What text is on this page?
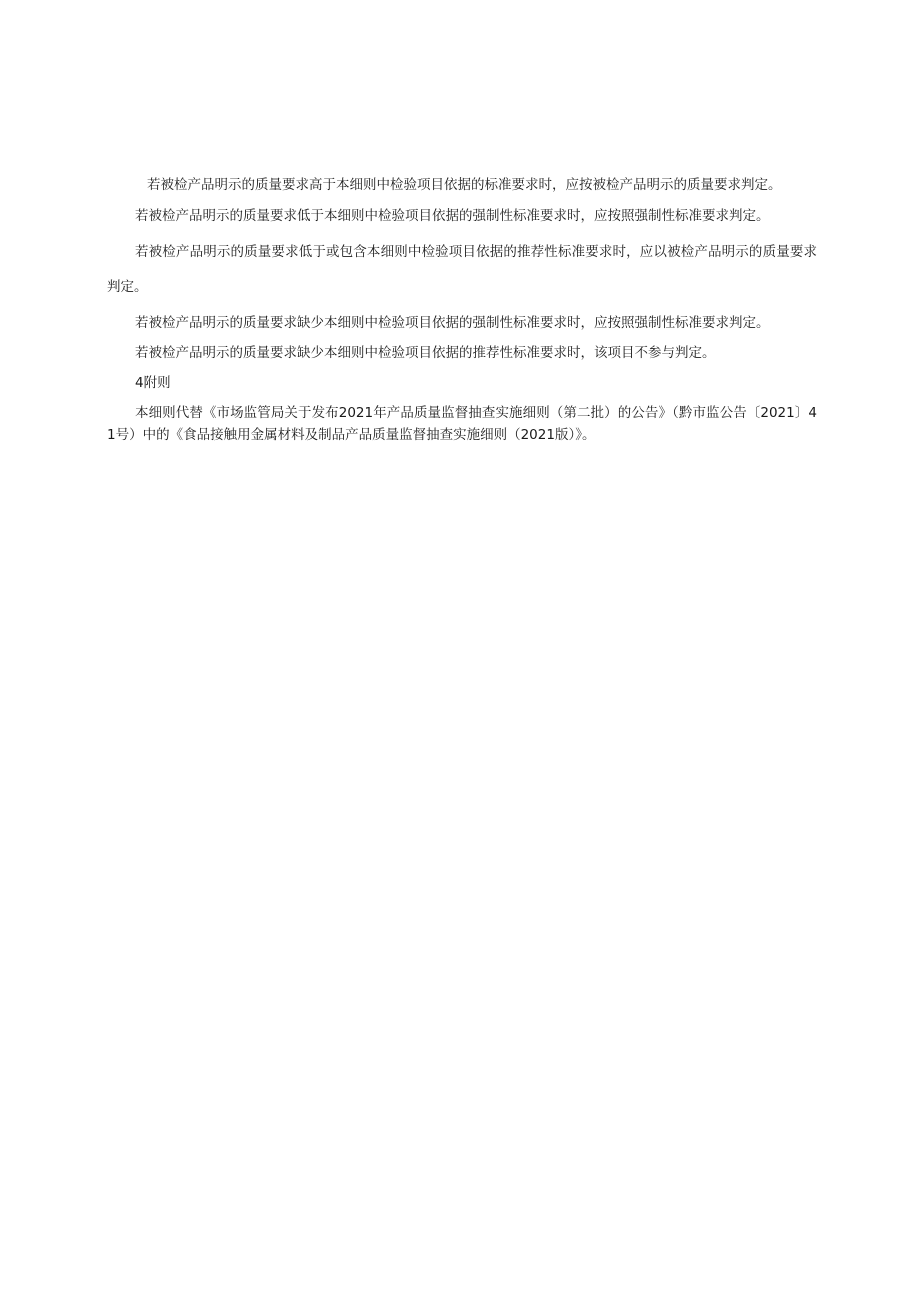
若被检产品明示的质量要求高于本细则中检验项目依据的标准要求时，应按被检产品明示的质量要求判定。

若被检产品明示的质量要求低于本细则中检验项目依据的强制性标准要求时，应按照强制性标准要求判定。

若被检产品明示的质量要求低于或包含本细则中检验项目依据的推荐性标准要求时，应以被检产品明示的质量要求判定。

若被检产品明示的质量要求缺少本细则中检验项目依据的强制性标准要求时，应按照强制性标准要求判定。

若被检产品明示的质量要求缺少本细则中检验项目依据的推荐性标准要求时，该项目不参与判定。

4附则

本细则代替《市场监管局关于发布2021年产品质量监督抽查实施细则（第二批）的公告》（黔市监公告〔2021〕41号）中的《食品接触用金属材料及制品产品质量监督抽查实施细则（2021版）》。
